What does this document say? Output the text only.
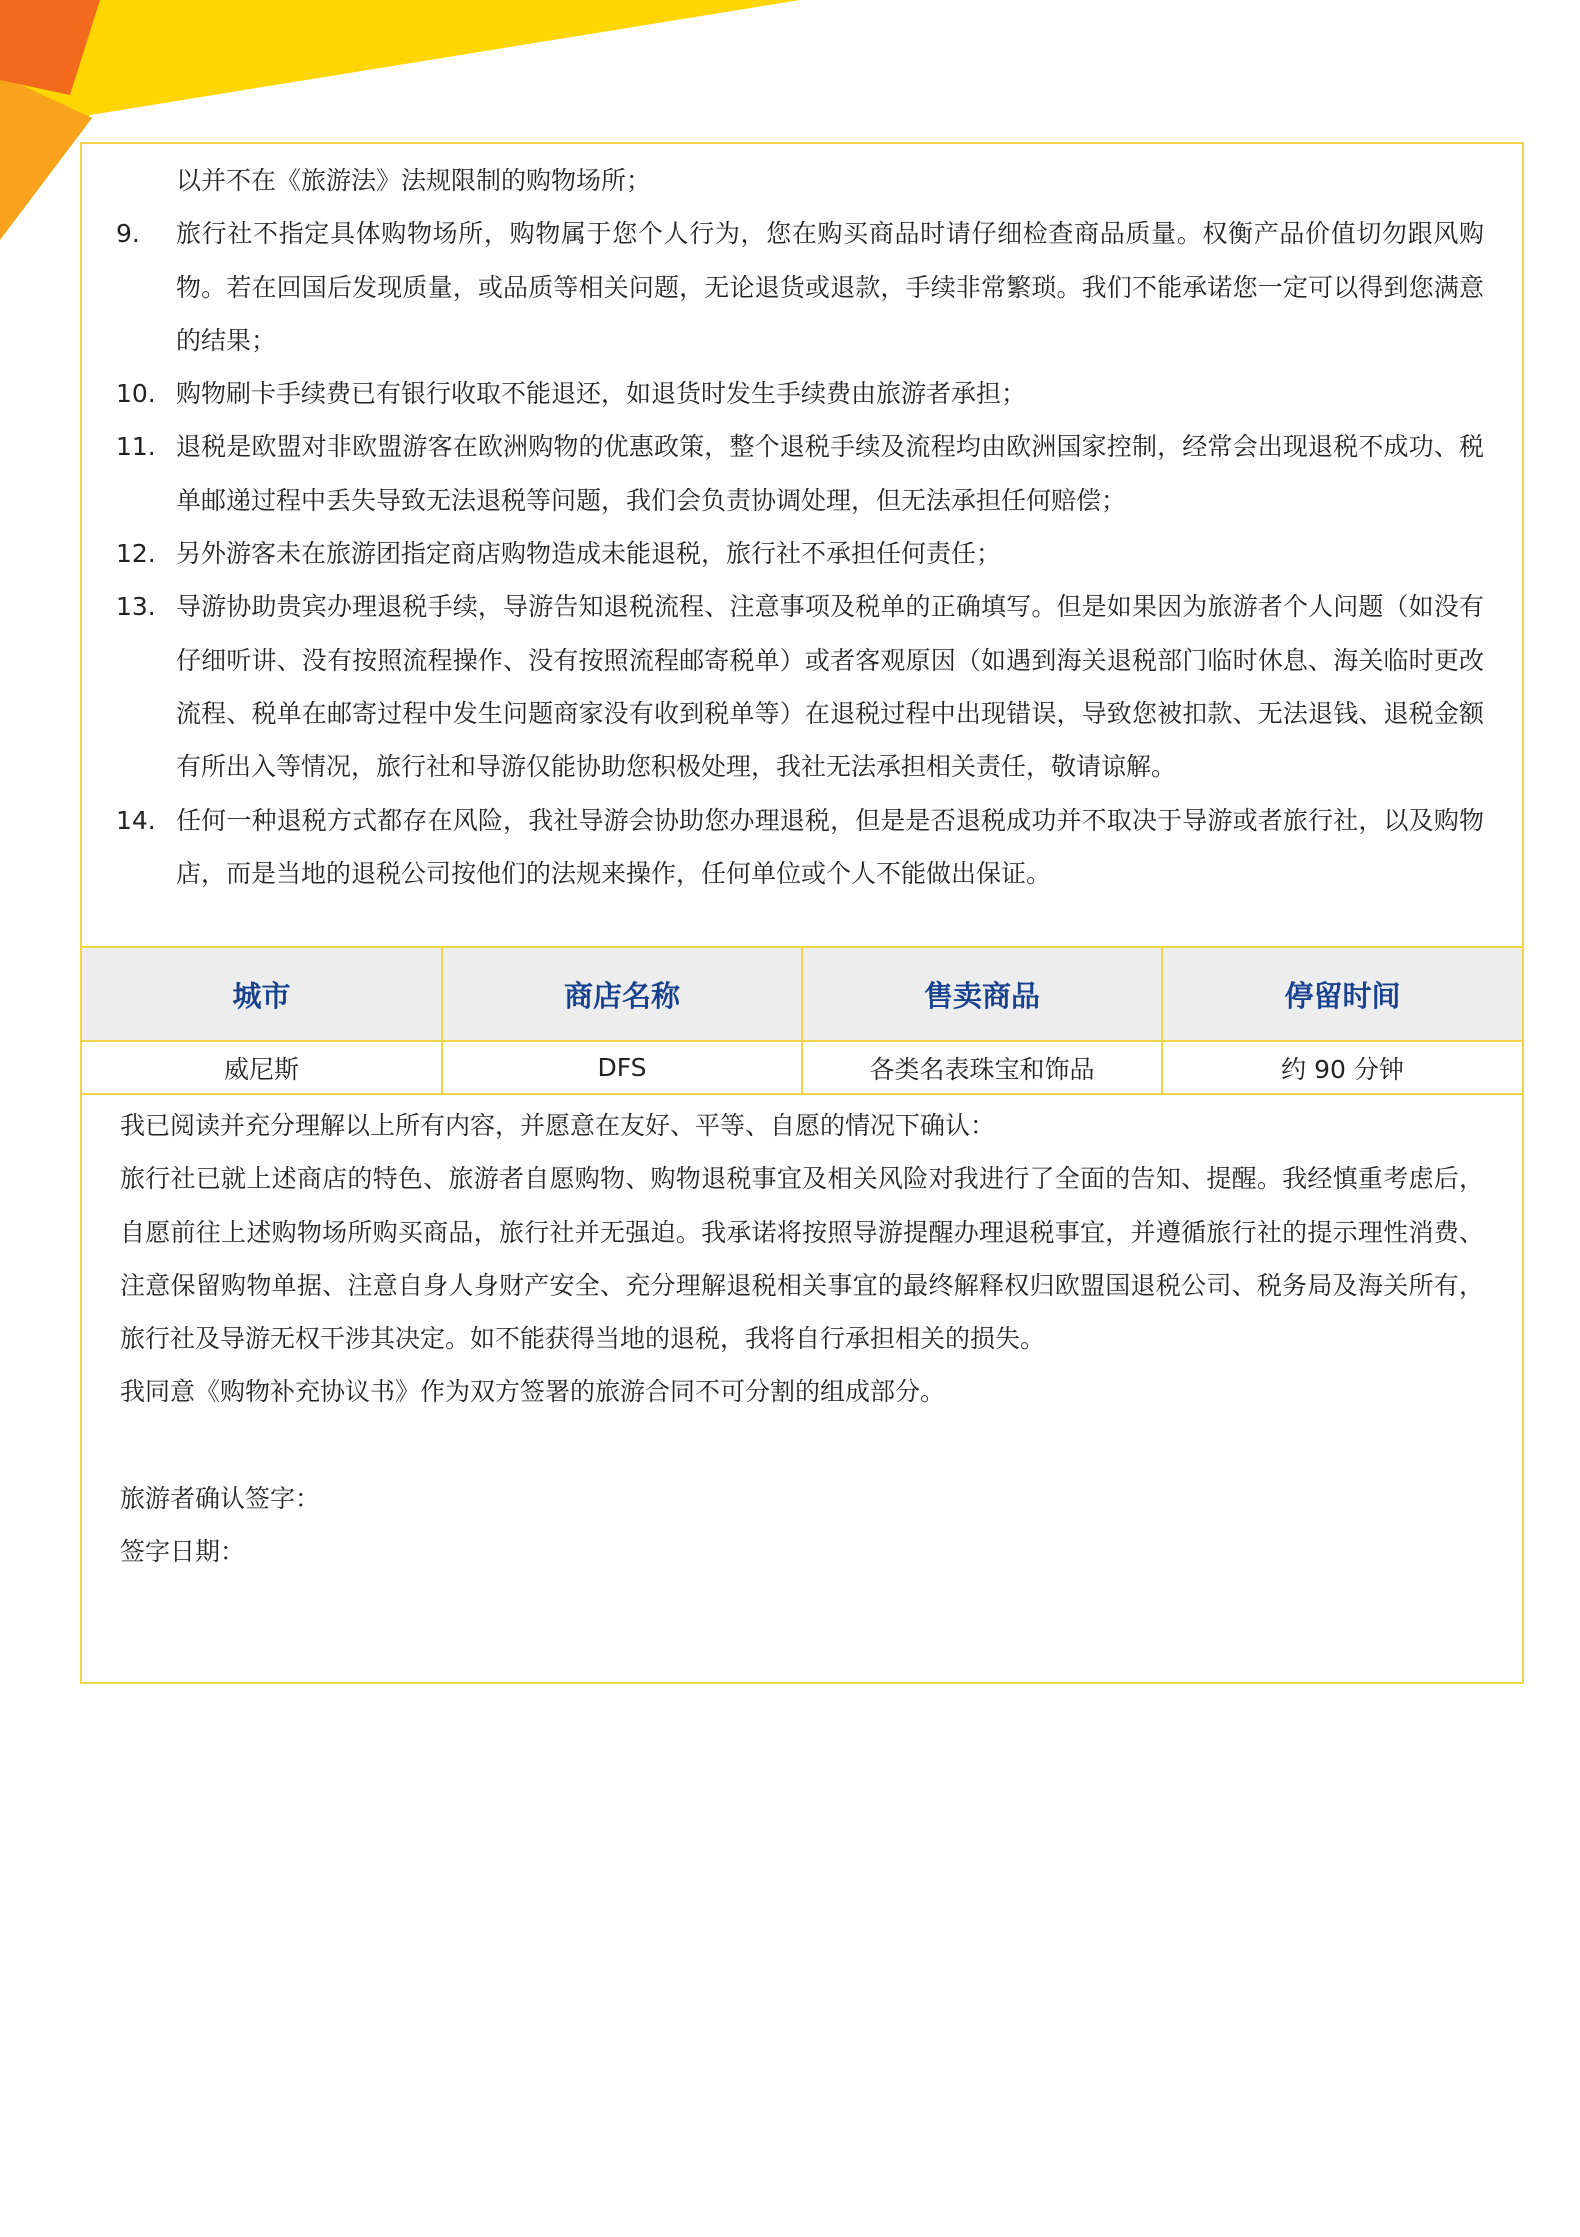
以并不在《旅游法》法规限制的购物场所；
9. 旅行社不指定具体购物场所，购物属于您个人行为，您在购买商品时请仔细检查商品质量。权衡产品价值切勿跟风购物。若在回国后发现质量，或品质等相关问题，无论退货或退款，手续非常繁琐。我们不能承诺您一定可以得到您满意的结果；
10. 购物刷卡手续费已有银行收取不能退还，如退货时发生手续费由旅游者承担；
11. 退税是欧盟对非欧盟游客在欧洲购物的优惠政策，整个退税手续及流程均由欧洲国家控制，经常会出现退税不成功、税单邮递过程中丢失导致无法退税等问题，我们会负责协调处理，但无法承担任何赔偿；
12. 另外游客未在旅游团指定商店购物造成未能退税，旅行社不承担任何责任；
13. 导游协助贵宾办理退税手续，导游告知退税流程、注意事项及税单的正确填写。但是如果因为旅游者个人问题（如没有仔细听讲、没有按照流程操作、没有按照流程邮寄税单）或者客观原因（如遇到海关退税部门临时休息、海关临时更改流程、税单在邮寄过程中发生问题商家没有收到税单等）在退税过程中出现错误，导致您被扣款、无法退钱、退税金额有所出入等情况，旅行社和导游仅能协助您积极处理，我社无法承担相关责任，敬请谅解。
14. 任何一种退税方式都存在风险，我社导游会协助您办理退税，但是是否退税成功并不取决于导游或者旅行社，以及购物店，而是当地的退税公司按他们的法规来操作，任何单位或个人不能做出保证。
城市	商店名称	售卖商品	停留时间
威尼斯	DFS	各类名表珠宝和饰品	约 90 分钟
我已阅读并充分理解以上所有内容，并愿意在友好、平等、自愿的情况下确认：
旅行社已就上述商店的特色、旅游者自愿购物、购物退税事宜及相关风险对我进行了全面的告知、提醒。我经慎重考虑后，自愿前往上述购物场所购买商品，旅行社并无强迫。我承诺将按照导游提醒办理退税事宜，并遵循旅行社的提示理性消费、注意保留购物单据、注意自身人身财产安全、充分理解退税相关事宜的最终解释权归欧盟国退税公司、税务局及海关所有，旅行社及导游无权干涉其决定。如不能获得当地的退税，我将自行承担相关的损失。
我同意《购物补充协议书》作为双方签署的旅游合同不可分割的组成部分。
旅游者确认签字：
签字日期：
